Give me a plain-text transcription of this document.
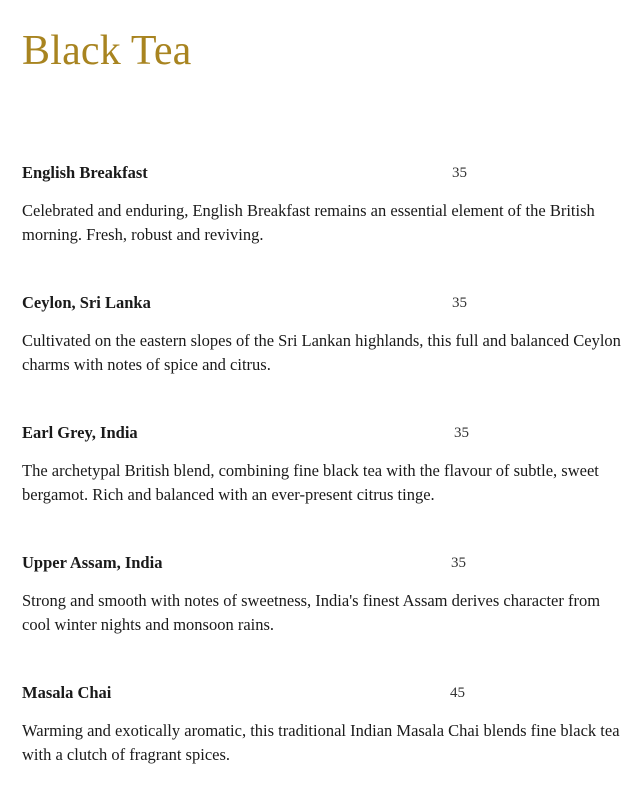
Black Tea
English Breakfast	35

Celebrated and enduring, English Breakfast remains an essential element of the British morning. Fresh, robust and reviving.

Ceylon, Sri Lanka	35

Cultivated on the eastern slopes of the Sri Lankan highlands, this full and balanced Ceylon charms with notes of spice and citrus.

Earl Grey, India	35

The archetypal British blend, combining fine black tea with the flavour of subtle, sweet bergamot. Rich and balanced with an ever-present citrus tinge.

Upper Assam, India	35

Strong and smooth with notes of sweetness, India's finest Assam derives character from cool winter nights and monsoon rains.

Masala Chai	45

Warming and exotically aromatic, this traditional Indian Masala Chai blends fine black tea with a clutch of fragrant spices.
